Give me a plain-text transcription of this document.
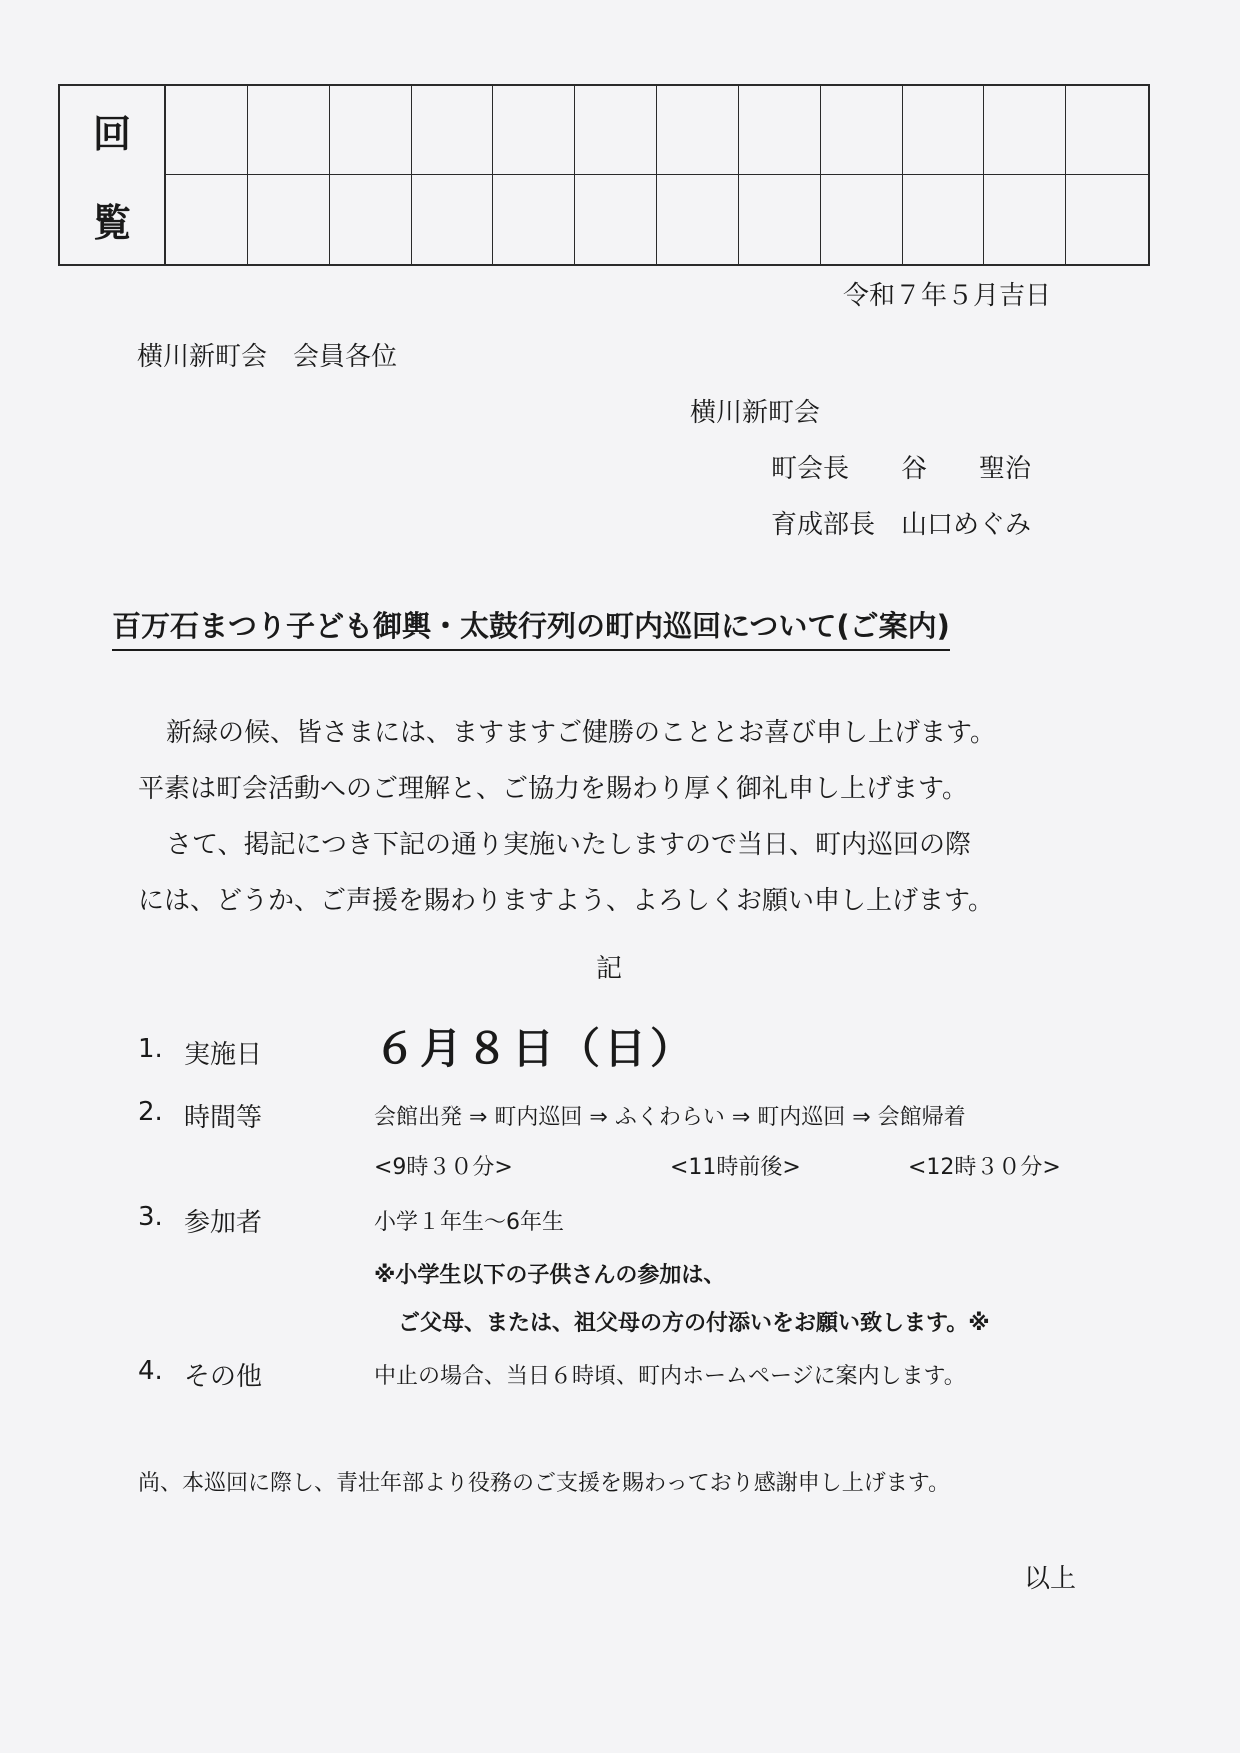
回
覧
令和７年５月吉日
横川新町会　会員各位
横川新町会
町会長　　谷　　聖治
育成部長　山口めぐみ
百万石まつり子ども御輿・太鼓行列の町内巡回について(ご案内)
新緑の候、皆さまには、ますますご健勝のこととお喜び申し上げます。
平素は町会活動へのご理解と、ご協力を賜わり厚く御礼申し上げます。
さて、掲記につき下記の通り実施いたしますので当日、町内巡回の際
には、どうか、ご声援を賜わりますよう、よろしくお願い申し上げます。
記
1. 実施日	６月８日（日）
2. 時間等	会館出発 ⇒ 町内巡回 ⇒ ふくわらい ⇒ 町内巡回 ⇒ 会館帰着
<9時３０分>	<11時前後>	<12時３０分>
3. 参加者	小学１年生～6年生
※小学生以下の子供さんの参加は、
ご父母、または、祖父母の方の付添いをお願い致します。※
4. その他	中止の場合、当日６時頃、町内ホームページに案内します。
尚、本巡回に際し、青壮年部より役務のご支援を賜わっており感謝申し上げます。
以上
